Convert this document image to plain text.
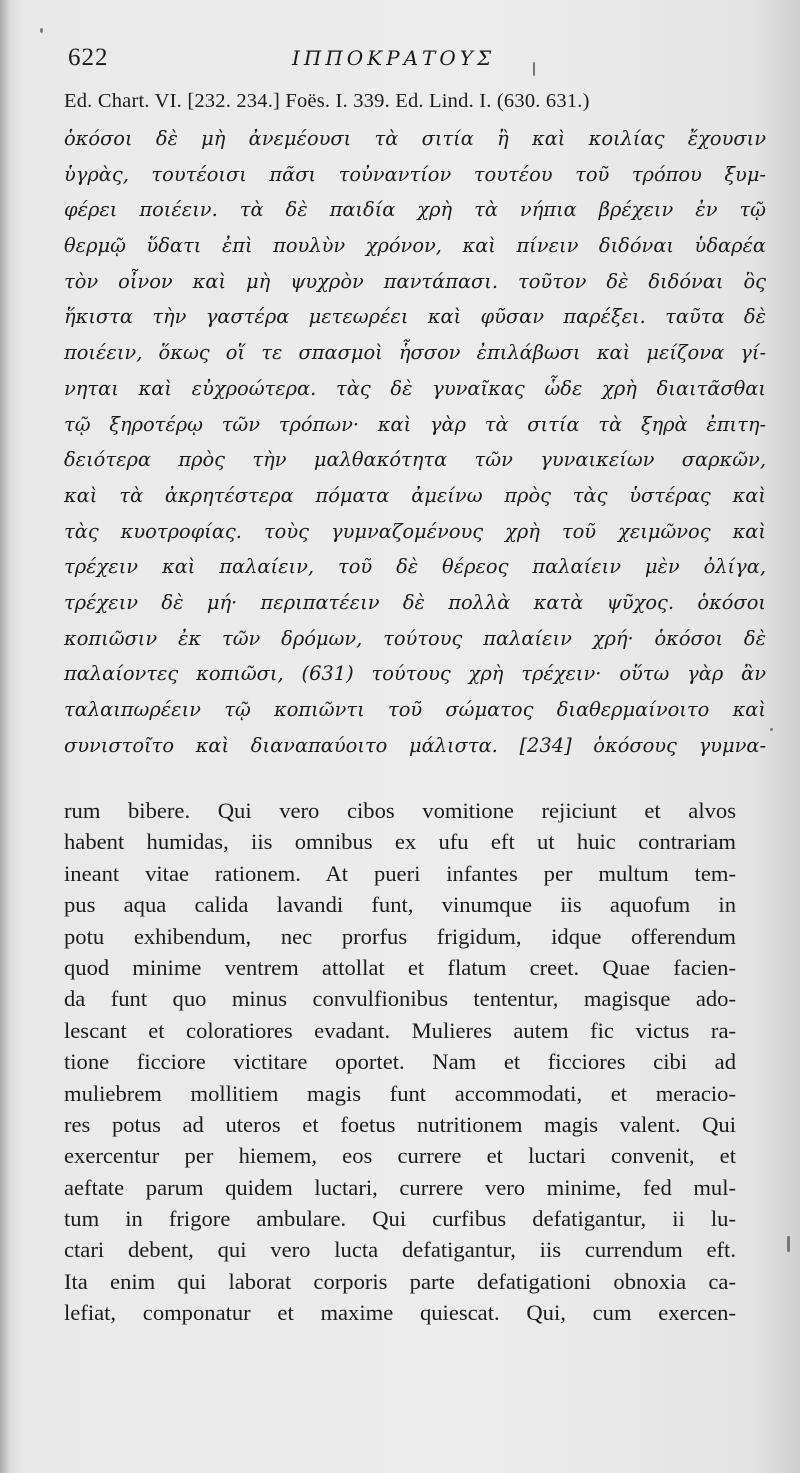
622	ΙΠΠΟΚΡΑΤΟΥΣ
Ed. Chart. VI. [232. 234.] Foës. I. 339. Ed. Lind. I. (630. 631.)
ὁκόσοι δὲ μὴ ἀνεμέουσι τὰ σιτία ἢ καὶ κοιλίας ἔχουσιν
ὑγρὰς, τουτέοισι πᾶσι τοὐναντίον τουτέου τοῦ τρόπου ξυμ-
φέρει ποιέειν. τὰ δὲ παιδία χρὴ τὰ νήπια βρέχειν ἐν τῷ
θερμῷ ὕδατι ἐπὶ πουλὺν χρόνον, καὶ πίνειν διδόναι ὑδαρέα
τὸν οἶνον καὶ μὴ ψυχρὸν παντάπασι. τοῦτον δὲ διδόναι ὃς
ἥκιστα τὴν γαστέρα μετεωρέει καὶ φῦσαν παρέξει. ταῦτα δὲ
ποιέειν, ὅκως οἵ τε σπασμοὶ ἧσσον ἐπιλάβωσι καὶ μείζονα γί-
νηται καὶ εὐχροώτερα. τὰς δὲ γυναῖκας ὧδε χρὴ διαιτᾶσθαι
τῷ ξηροτέρῳ τῶν τρόπων· καὶ γὰρ τὰ σιτία τὰ ξηρὰ ἐπιτη-
δειότερα πρὸς τὴν μαλθακότητα τῶν γυναικείων σαρκῶν,
καὶ τὰ ἀκρητέστερα πόματα ἀμείνω πρὸς τὰς ὑστέρας καὶ
τὰς κυοτροφίας. τοὺς γυμναζομένους χρὴ τοῦ χειμῶνος καὶ
τρέχειν καὶ παλαίειν, τοῦ δὲ θέρεος παλαίειν μὲν ὀλίγα,
τρέχειν δὲ μή· περιπατέειν δὲ πολλὰ κατὰ ψῦχος. ὁκόσοι
κοπιῶσιν ἐκ τῶν δρόμων, τούτους παλαίειν χρή· ὁκόσοι δὲ
παλαίοντες κοπιῶσι, (631) τούτους χρὴ τρέχειν· οὕτω γὰρ ἂν
ταλαιπωρέειν τῷ κοπιῶντι τοῦ σώματος διαθερμαίνοιτο καὶ
συνιστοῖτο καὶ διαναπαύοιτο μάλιστα. [234] ὁκόσους γυμνα-
rum bibere. Qui vero cibos vomitione rejiciunt et alvos
habent humidas, iis omnibus ex ufu eft ut huic contrariam
ineant vitae rationem. At pueri infantes per multum tem-
pus aqua calida lavandi funt, vinumque iis aquofum in
potu exhibendum, nec prorfus frigidum, idque offerendum
quod minime ventrem attollat et flatum creet. Quae facien-
da funt quo minus convulfionibus tententur, magisque ado-
lescant et coloratiores evadant. Mulieres autem fic victus ra-
tione ficciore victitare oportet. Nam et ficciores cibi ad
muliebrem mollitiem magis funt accommodati, et meracio-
res potus ad uteros et foetus nutritionem magis valent. Qui
exercentur per hiemem, eos currere et luctari convenit, et
aeftate parum quidem luctari, currere vero minime, fed mul-
tum in frigore ambulare. Qui curfibus defatigantur, ii lu-
ctari debent, qui vero lucta defatigantur, iis currendum eft.
Ita enim qui laborat corporis parte defatigationi obnoxia ca-
lefiat, componatur et maxime quiescat. Qui, cum exercen-
